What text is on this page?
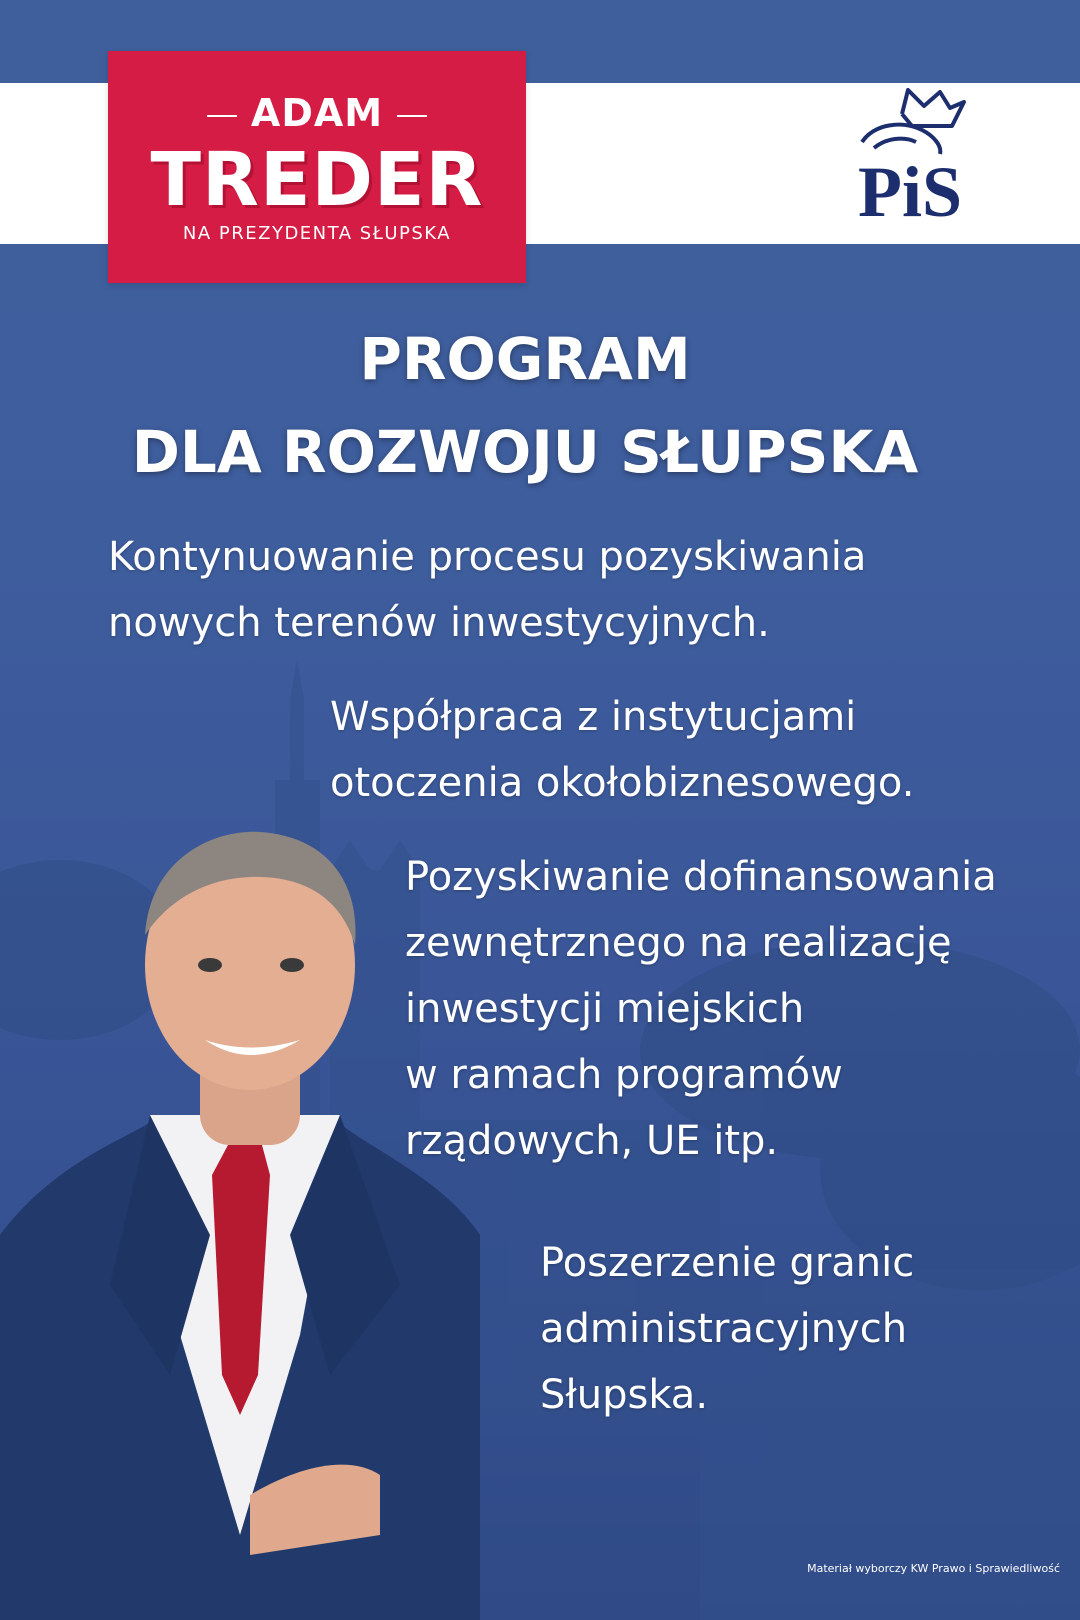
ADAM
TREDER
NA PREZYDENTA SŁUPSKA
PiS
PROGRAM
DLA ROZWOJU SŁUPSKA

Kontynuowanie procesu pozyskiwania
nowych terenów inwestycyjnych.

Współpraca z instytucjami
otoczenia okołobiznesowego.

Pozyskiwanie dofinansowania
zewnętrznego na realizację
inwestycji miejskich
w ramach programów
rządowych, UE itp.

Poszerzenie granic
administracyjnych
Słupska.

Materiał wyborczy KW Prawo i Sprawiedliwość
